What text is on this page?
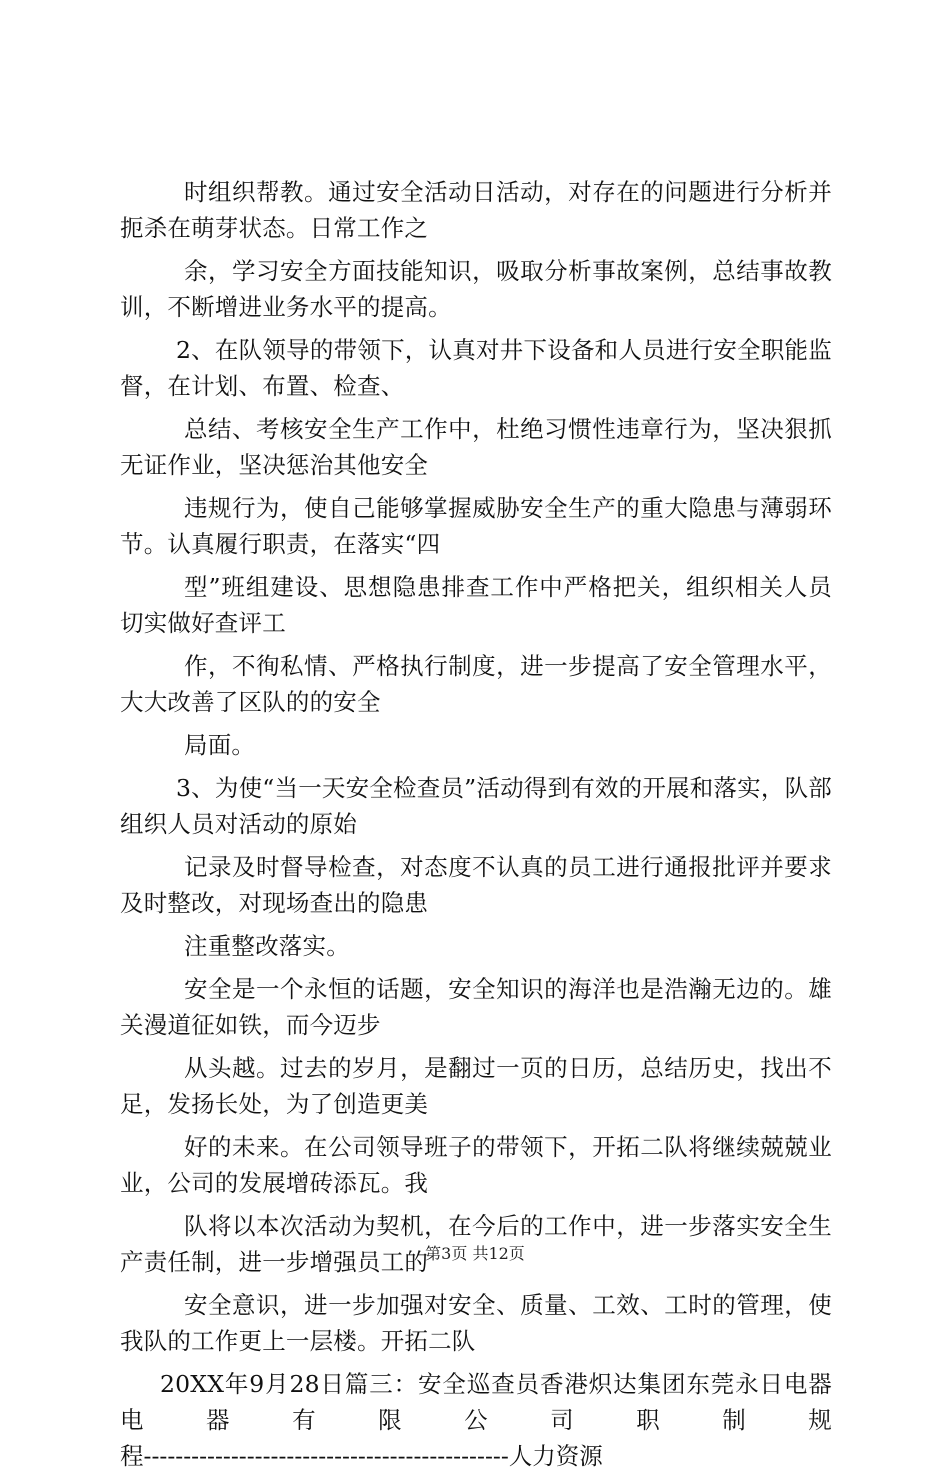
时组织帮教。通过安全活动日活动，对存在的问题进行分析并扼杀在萌芽状态。日常工作之

余，学习安全方面技能知识，吸取分析事故案例，总结事故教训，不断增进业务水平的提高。

2、在队领导的带领下，认真对井下设备和人员进行安全职能监督，在计划、布置、检查、

总结、考核安全生产工作中，杜绝习惯性违章行为，坚决狠抓无证作业，坚决惩治其他安全

违规行为，使自己能够掌握威胁安全生产的重大隐患与薄弱环节。认真履行职责，在落实“四

型”班组建设、思想隐患排查工作中严格把关，组织相关人员切实做好查评工

作，不徇私情、严格执行制度，进一步提高了安全管理水平，大大改善了区队的的安全

局面。

3、为使“当一天安全检查员”活动得到有效的开展和落实，队部组织人员对活动的原始

记录及时督导检查，对态度不认真的员工进行通报批评并要求及时整改，对现场查出的隐患

注重整改落实。

安全是一个永恒的话题，安全知识的海洋也是浩瀚无边的。雄关漫道征如铁，而今迈步

从头越。过去的岁月，是翻过一页的日历，总结历史，找出不足，发扬长处，为了创造更美

好的未来。在公司领导班子的带领下，开拓二队将继续兢兢业业，公司的发展增砖添瓦。我

队将以本次活动为契机，在今后的工作中，进一步落实安全生产责任制，进一步增强员工的

安全意识，进一步加强对安全、质量、工效、工时的管理，使我队的工作更上一层楼。开拓二队

20XX年9月28日篇三：安全巡查员香港炽达集团东莞永日电器电器有限公司职制规

程----------------------------------------------人力资源

第3页 共12页
